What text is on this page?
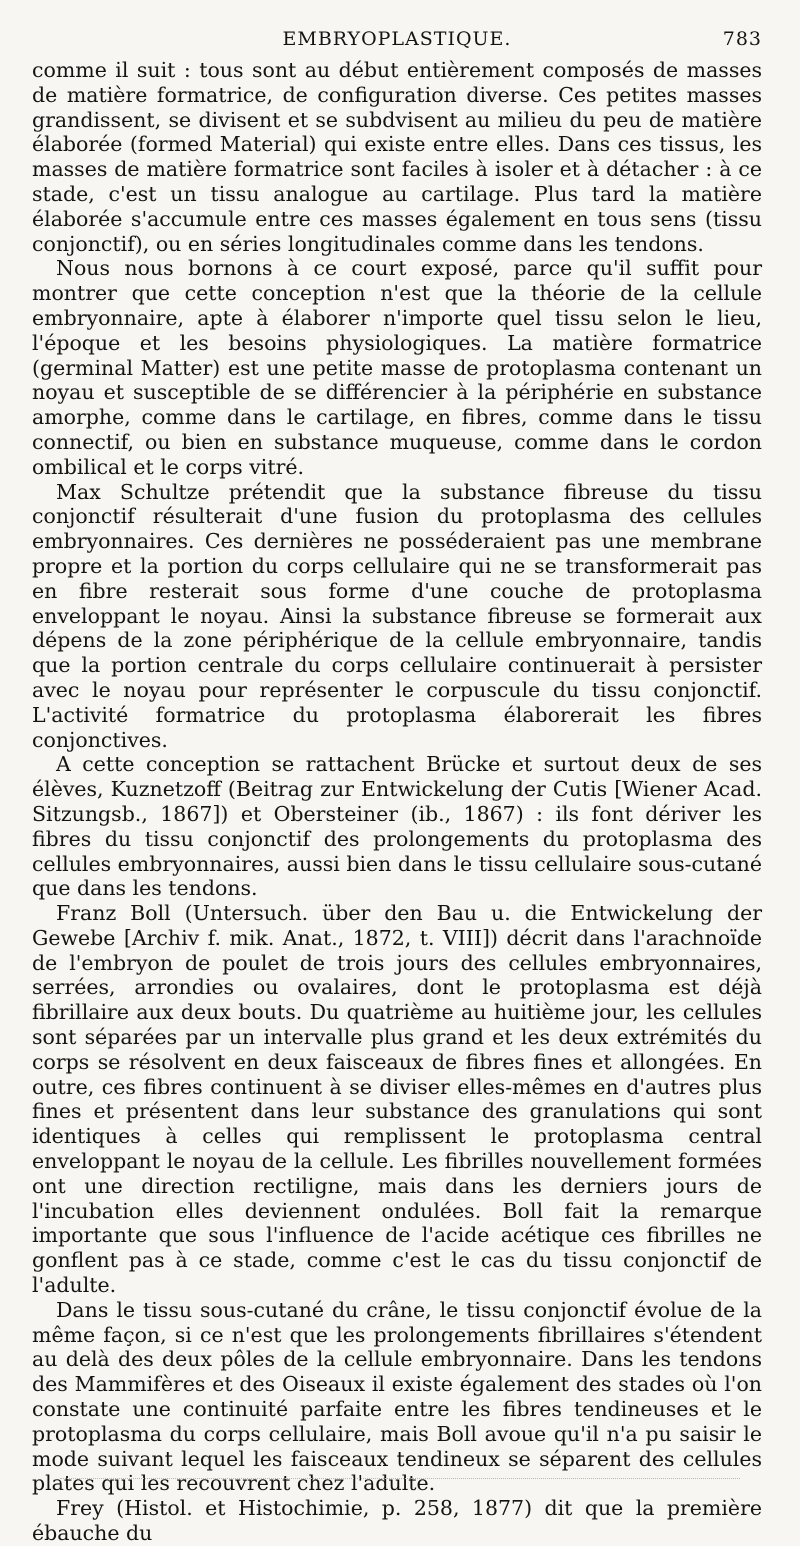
EMBRYOPLASTIQUE.	783

comme il suit : tous sont au début entièrement composés de masses de matière formatrice, de configuration diverse. Ces petites masses grandissent, se divisent et se subdvisent au milieu du peu de matière élaborée (formed Material) qui existe entre elles. Dans ces tissus, les masses de matière formatrice sont faciles à isoler et à détacher : à ce stade, c'est un tissu analogue au cartilage. Plus tard la matière élaborée s'accumule entre ces masses également en tous sens (tissu conjonctif), ou en séries longitudinales comme dans les tendons.

Nous nous bornons à ce court exposé, parce qu'il suffit pour montrer que cette conception n'est que la théorie de la cellule embryonnaire, apte à élaborer n'importe quel tissu selon le lieu, l'époque et les besoins physiologiques. La matière formatrice (germinal Matter) est une petite masse de protoplasma contenant un noyau et susceptible de se différencier à la périphérie en substance amorphe, comme dans le cartilage, en fibres, comme dans le tissu connectif, ou bien en substance muqueuse, comme dans le cordon ombilical et le corps vitré.

Max Schultze prétendit que la substance fibreuse du tissu conjonctif résulterait d'une fusion du protoplasma des cellules embryonnaires. Ces dernières ne posséderaient pas une membrane propre et la portion du corps cellulaire qui ne se transformerait pas en fibre resterait sous forme d'une couche de protoplasma enveloppant le noyau. Ainsi la substance fibreuse se formerait aux dépens de la zone périphérique de la cellule embryonnaire, tandis que la portion centrale du corps cellulaire continuerait à persister avec le noyau pour représenter le corpuscule du tissu conjonctif. L'activité formatrice du protoplasma élaborerait les fibres conjonctives.

A cette conception se rattachent Brücke et surtout deux de ses élèves, Kuznetzoff (Beitrag zur Entwickelung der Cutis [Wiener Acad. Sitzungsb., 1867]) et Obersteiner (ib., 1867) : ils font dériver les fibres du tissu conjonctif des prolongements du protoplasma des cellules embryonnaires, aussi bien dans le tissu cellulaire sous-cutané que dans les tendons.

Franz Boll (Untersuch. über den Bau u. die Entwickelung der Gewebe [Archiv f. mik. Anat., 1872, t. VIII]) décrit dans l'arachnoïde de l'embryon de poulet de trois jours des cellules embryonnaires, serrées, arrondies ou ovalaires, dont le protoplasma est déjà fibrillaire aux deux bouts. Du quatrième au huitième jour, les cellules sont séparées par un intervalle plus grand et les deux extrémités du corps se résolvent en deux faisceaux de fibres fines et allongées. En outre, ces fibres continuent à se diviser elles-mêmes en d'autres plus fines et présentent dans leur substance des granulations qui sont identiques à celles qui remplissent le protoplasma central enveloppant le noyau de la cellule. Les fibrilles nouvellement formées ont une direction rectiligne, mais dans les derniers jours de l'incubation elles deviennent ondulées. Boll fait la remarque importante que sous l'influence de l'acide acétique ces fibrilles ne gonflent pas à ce stade, comme c'est le cas du tissu conjonctif de l'adulte.

Dans le tissu sous-cutané du crâne, le tissu conjonctif évolue de la même façon, si ce n'est que les prolongements fibrillaires s'étendent au delà des deux pôles de la cellule embryonnaire. Dans les tendons des Mammifères et des Oiseaux il existe également des stades où l'on constate une continuité parfaite entre les fibres tendineuses et le protoplasma du corps cellulaire, mais Boll avoue qu'il n'a pu saisir le mode suivant lequel les faisceaux tendineux se séparent des cellules plates qui les recouvrent chez l'adulte.

Frey (Histol. et Histochimie, p. 258, 1877) dit que la première ébauche du
